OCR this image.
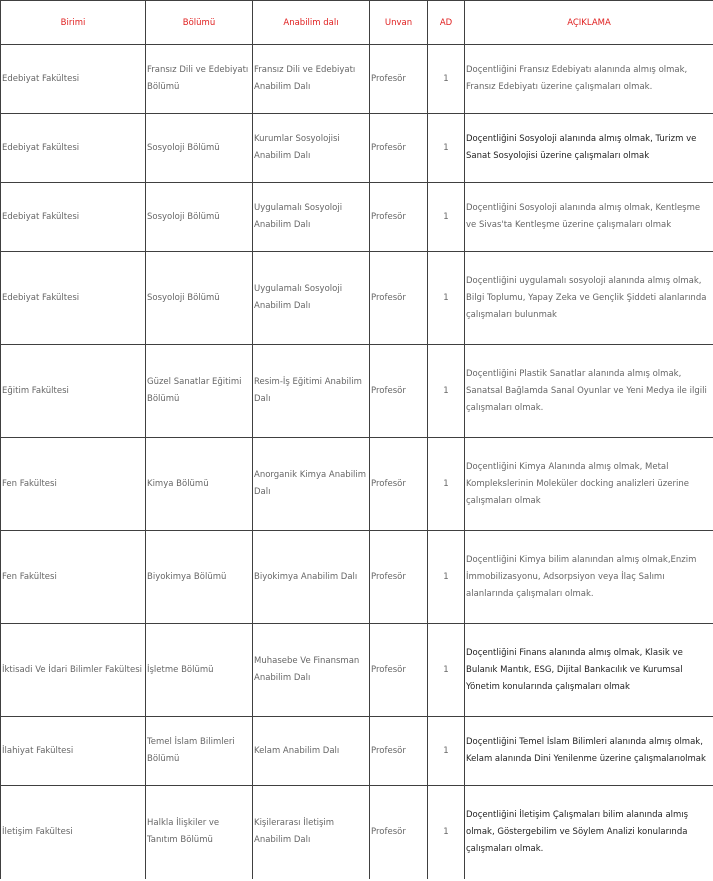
Birimi	Bölümü	Anabilim dalı	Unvan	AD	AÇIKLAMA
Edebiyat Fakültesi	Fransız Dili ve Edebiyatı Bölümü	Fransız Dili ve Edebiyatı Anabilim Dalı	Profesör	1	Doçentliğini Fransız Edebiyatı alanında almış olmak, Fransız Edebiyatı üzerine çalışmaları olmak.
Edebiyat Fakültesi	Sosyoloji Bölümü	Kurumlar Sosyolojisi Anabilim Dalı	Profesör	1	Doçentliğini Sosyoloji alanında almış olmak, Turizm ve Sanat Sosyolojisi üzerine çalışmaları olmak
Edebiyat Fakültesi	Sosyoloji Bölümü	Uygulamalı Sosyoloji Anabilim Dalı	Profesör	1	Doçentliğini Sosyoloji alanında almış olmak, Kentleşme ve Sivas'ta Kentleşme üzerine çalışmaları olmak
Edebiyat Fakültesi	Sosyoloji Bölümü	Uygulamalı Sosyoloji Anabilim Dalı	Profesör	1	Doçentliğini uygulamalı sosyoloji alanında almış olmak, Bilgi Toplumu, Yapay Zeka ve Gençlik Şiddeti alanlarında çalışmaları bulunmak
Eğitim Fakültesi	Güzel Sanatlar Eğitimi Bölümü	Resim-İş Eğitimi Anabilim Dalı	Profesör	1	Doçentliğini Plastik Sanatlar alanında almış olmak, Sanatsal Bağlamda Sanal Oyunlar ve Yeni Medya ile ilgili çalışmaları olmak.
Fen Fakültesi	Kimya Bölümü	Anorganik Kimya Anabilim Dalı	Profesör	1	Doçentliğini Kimya Alanında almış olmak, Metal Komplekslerinin Moleküler docking analizleri üzerine çalışmaları olmak
Fen Fakültesi	Biyokimya Bölümü	Biyokimya Anabilim Dalı	Profesör	1	Doçentliğini Kimya bilim alanından almış olmak,Enzim İmmobilizasyonu, Adsorpsiyon veya İlaç Salımı alanlarında çalışmaları olmak.
İktisadi Ve İdari Bilimler Fakültesi	İşletme Bölümü	Muhasebe Ve Finansman Anabilim Dalı	Profesör	1	Doçentliğini Finans alanında almış olmak, Klasik ve Bulanık Mantık, ESG, Dijital Bankacılık ve Kurumsal Yönetim konularında çalışmaları olmak
İlahiyat Fakültesi	Temel İslam Bilimleri Bölümü	Kelam Anabilim Dalı	Profesör	1	Doçentliğini Temel İslam Bilimleri alanında almış olmak, Kelam alanında Dini Yenilenme üzerine çalışmalarıolmak
İletişim Fakültesi	Halkla İlişkiler ve Tanıtım Bölümü	Kişilerarası İletişim Anabilim Dalı	Profesör	1	Doçentliğini İletişim Çalışmaları bilim alanında almış olmak, Göstergebilim ve Söylem Analizi konularında çalışmaları olmak.
